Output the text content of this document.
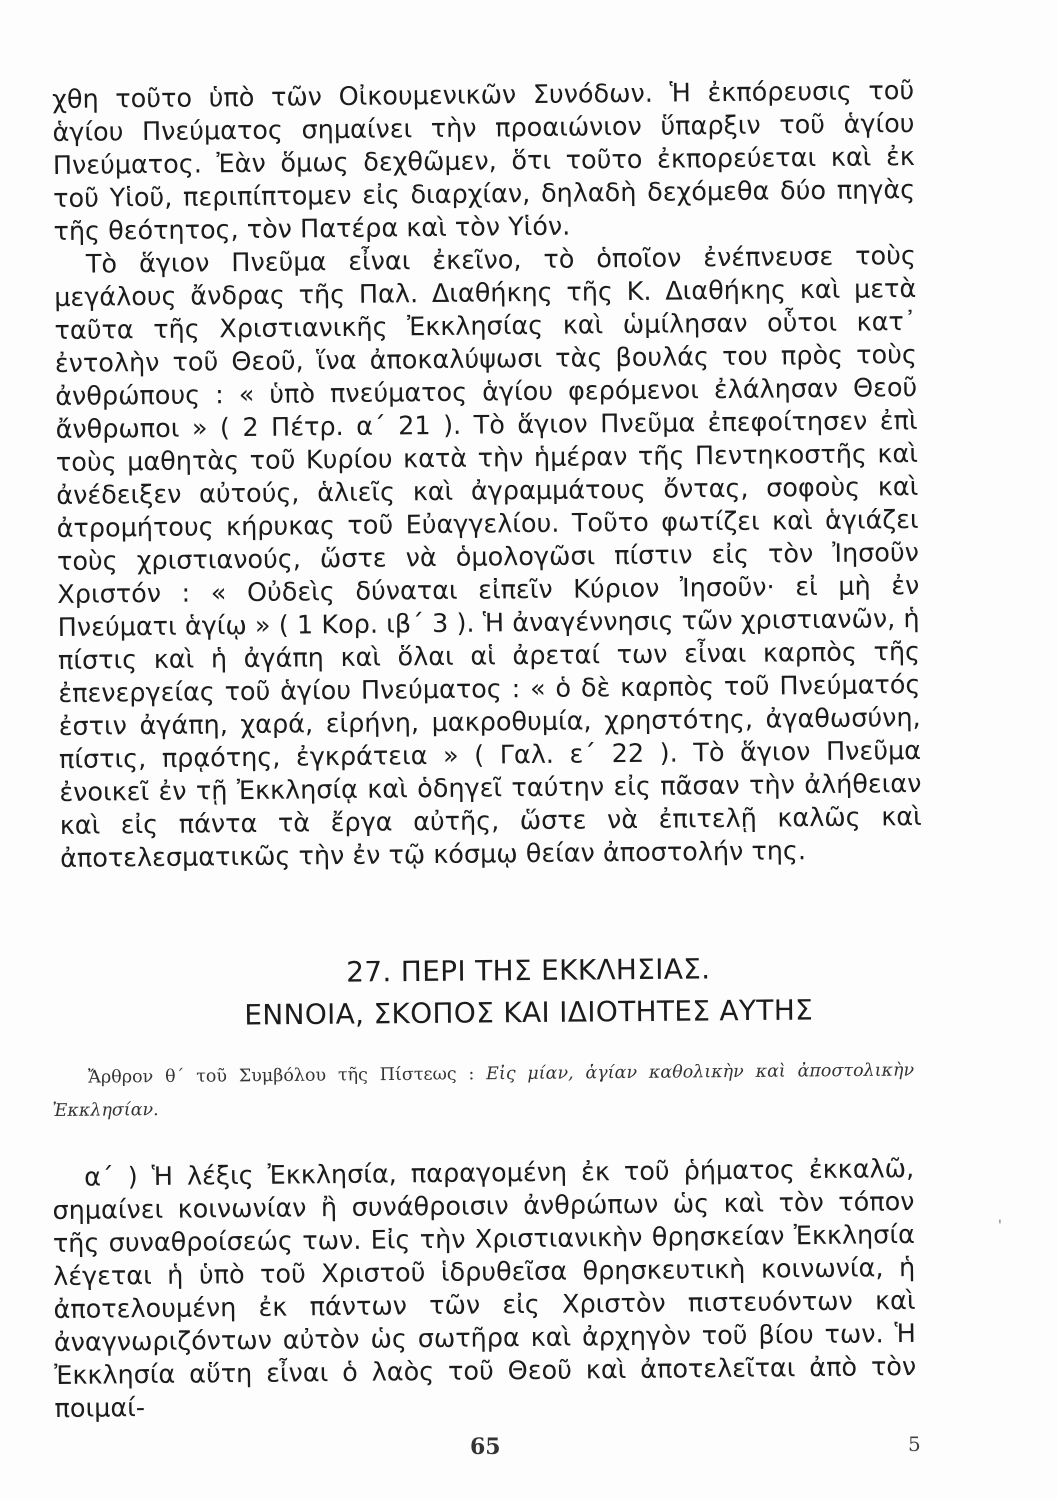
χθη τοῦτο ὑπὸ τῶν Οἰκουμενικῶν Συνόδων. Ἡ ἐκπόρευσις τοῦ ἁγίου Πνεύματος σημαίνει τὴν προαιώνιον ὕπαρξιν τοῦ ἁγίου Πνεύματος. Ἐὰν ὅμως δεχθῶμεν, ὅτι τοῦτο ἐκπορεύεται καὶ ἐκ τοῦ Υἱοῦ, περιπίπτομεν εἰς διαρχίαν, δηλαδὴ δεχόμεθα δύο πηγὰς τῆς θεότητος, τὸν Πατέρα καὶ τὸν Υἱόν.

Τὸ ἅγιον Πνεῦμα εἶναι ἐκεῖνο, τὸ ὁποῖον ἐνέπνευσε τοὺς μεγάλους ἄνδρας τῆς Παλ. Διαθήκης τῆς Κ. Διαθήκης καὶ μετὰ ταῦτα τῆς Χριστιανικῆς Ἐκκλησίας καὶ ὡμίλησαν οὗτοι κατ᾿ ἐντολὴν τοῦ Θεοῦ, ἵνα ἀποκαλύψωσι τὰς βουλάς του πρὸς τοὺς ἀνθρώπους : « ὑπὸ πνεύματος ἁγίου φερόμενοι ἐλάλησαν Θεοῦ ἄνθρωποι » ( 2 Πέτρ. α΄ 21 ). Τὸ ἅγιον Πνεῦμα ἐπεφοίτησεν ἐπὶ τοὺς μαθητὰς τοῦ Κυρίου κατὰ τὴν ἡμέραν τῆς Πεντηκοστῆς καὶ ἀνέδειξεν αὐτούς, ἁλιεῖς καὶ ἀγραμμάτους ὄντας, σοφοὺς καὶ ἀτρομήτους κήρυκας τοῦ Εὐαγγελίου. Τοῦτο φωτίζει καὶ ἁγιάζει τοὺς χριστιανούς, ὥστε νὰ ὁμολογῶσι πίστιν εἰς τὸν Ἰησοῦν Χριστόν : « Οὐδεὶς δύναται εἰπεῖν Κύριον Ἰησοῦν· εἰ μὴ ἐν Πνεύματι ἁγίῳ » ( 1 Κορ. ιβ΄ 3 ). Ἡ ἀναγέννησις τῶν χριστιανῶν, ἡ πίστις καὶ ἡ ἀγάπη καὶ ὅλαι αἱ ἀρεταί των εἶναι καρπὸς τῆς ἐπενεργείας τοῦ ἁγίου Πνεύματος : « ὁ δὲ καρπὸς τοῦ Πνεύματός ἐστιν ἀγάπη, χαρά, εἰρήνη, μακροθυμία, χρηστότης, ἀγαθωσύνη, πίστις, πρᾳότης, ἐγκράτεια » ( Γαλ. ε΄ 22 ). Τὸ ἅγιον Πνεῦμα ἐνοικεῖ ἐν τῇ Ἐκκλησίᾳ καὶ ὁδηγεῖ ταύτην εἰς πᾶσαν τὴν ἀλήθειαν καὶ εἰς πάντα τὰ ἔργα αὐτῆς, ὥστε νὰ ἐπιτελῇ καλῶς καὶ ἀποτελεσματικῶς τὴν ἐν τῷ κόσμῳ θείαν ἀποστολήν της.

27. ΠΕΡΙ ΤΗΣ ΕΚΚΛΗΣΙΑΣ.
ΕΝΝΟΙΑ, ΣΚΟΠΟΣ ΚΑΙ ΙΔΙΟΤΗΤΕΣ ΑΥΤΗΣ
Ἄρθρον θ΄ τοῦ Συμβόλου τῆς Πίστεως : Εἰς μίαν, ἁγίαν καθολικὴν καὶ ἀποστολικὴν Ἐκκλησίαν.

α΄ ) Ἡ λέξις Ἐκκλησία, παραγομένη ἐκ τοῦ ῥήματος ἐκκαλῶ, σημαίνει κοινωνίαν ἢ συνάθροισιν ἀνθρώπων ὡς καὶ τὸν τόπον τῆς συναθροίσεώς των. Εἰς τὴν Χριστιανικὴν θρησκείαν Ἐκκλησία λέγεται ἡ ὑπὸ τοῦ Χριστοῦ ἱδρυθεῖσα θρησκευτικὴ κοινωνία, ἡ ἀποτελουμένη ἐκ πάντων τῶν εἰς Χριστὸν πιστευόντων καὶ ἀναγνωριζόντων αὐτὸν ὡς σωτῆρα καὶ ἀρχηγὸν τοῦ βίου των. Ἡ Ἐκκλησία αὕτη εἶναι ὁ λαὸς τοῦ Θεοῦ καὶ ἀποτελεῖται ἀπὸ τὸν ποιμαί-

'
65	5
